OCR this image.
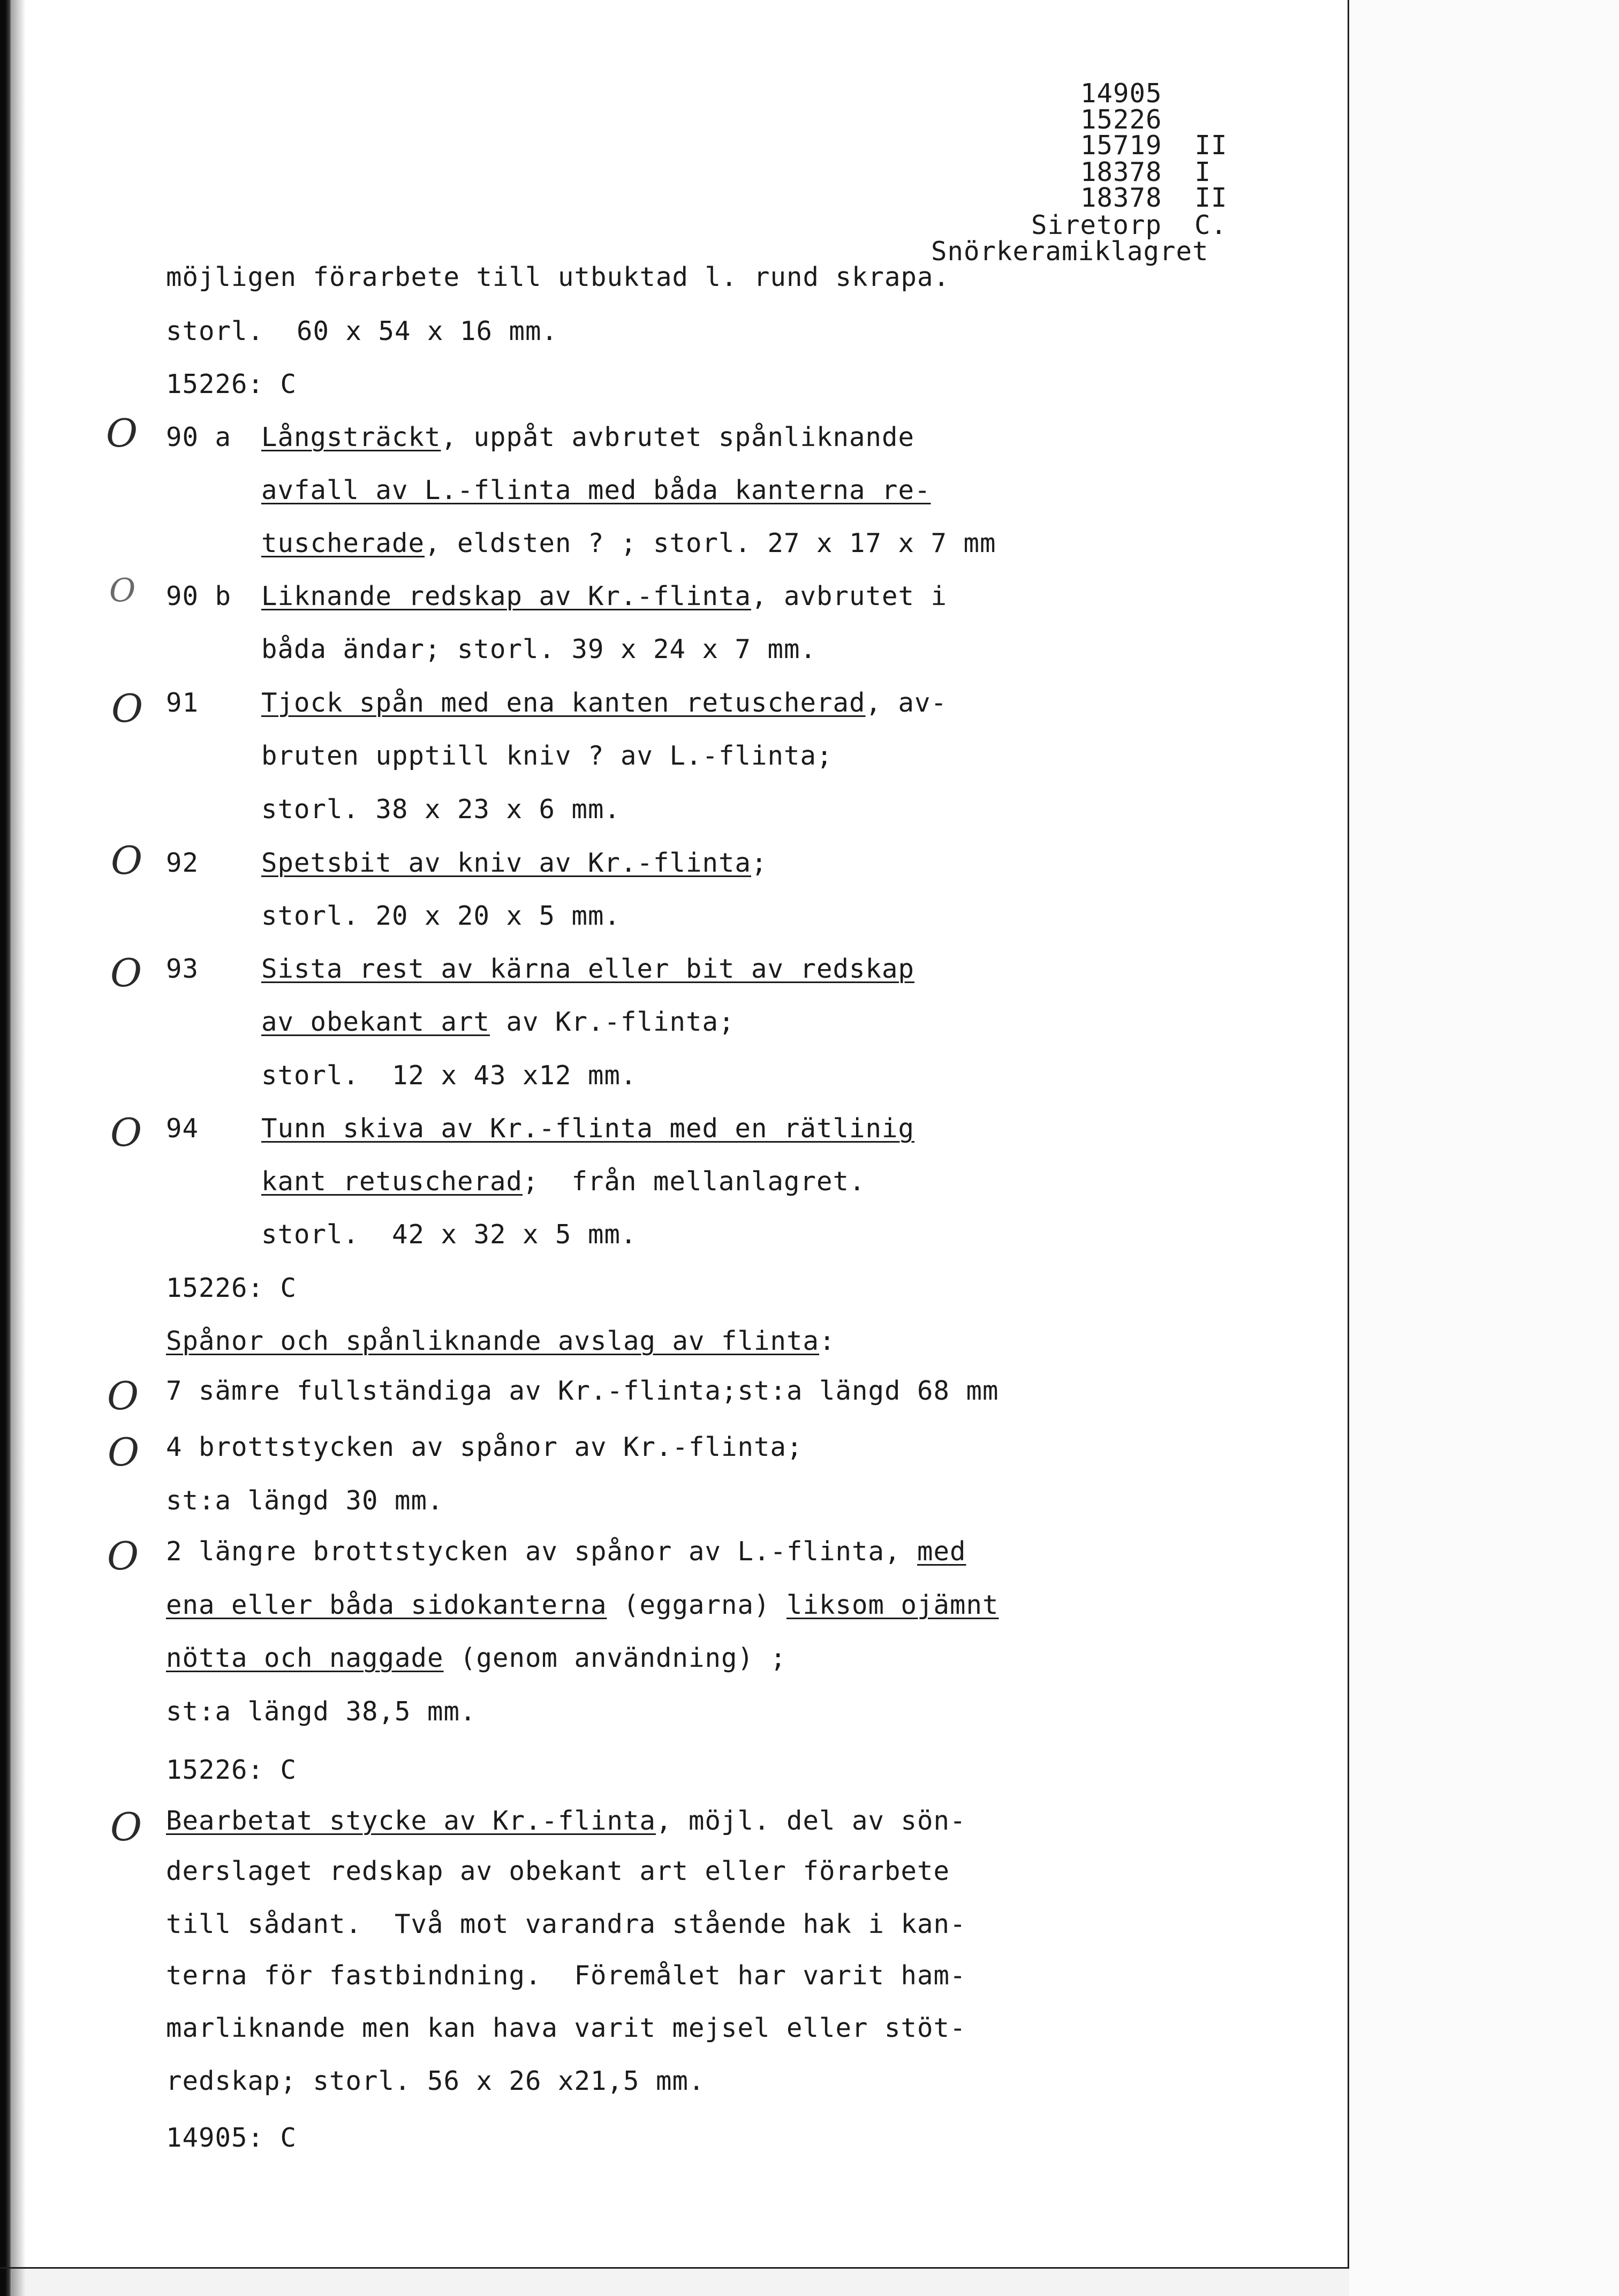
14905
15226
15719  II
18378  I
18378  II
Siretorp  C.
Snörkeramiklagret
O
O
O
O
O
O
O
O
O
O
möjligen förarbete till utbuktad l. rund skrapa.
storl.  60 x 54 x 16 mm.
15226: C
90 a Långsträckt, uppåt avbrutet spånliknande
avfall av L.-flinta med båda kanterna re-
tuscherade, eldsten ? ; storl. 27 x 17 x 7 mm
90 b Liknande redskap av Kr.-flinta, avbrutet i
båda ändar; storl. 39 x 24 x 7 mm.
91 Tjock spån med ena kanten retuscherad, av-
bruten upptill kniv ? av L.-flinta;
storl. 38 x 23 x 6 mm.
92 Spetsbit av kniv av Kr.-flinta;
storl. 20 x 20 x 5 mm.
93 Sista rest av kärna eller bit av redskap
av obekant art av Kr.-flinta;
storl.  12 x 43 x12 mm.
94 Tunn skiva av Kr.-flinta med en rätlinig
kant retuscherad;  från mellanlagret.
storl.  42 x 32 x 5 mm.
15226: C
Spånor och spånliknande avslag av flinta:
7 sämre fullständiga av Kr.-flinta;st:a längd 68 mm
4 brottstycken av spånor av Kr.-flinta;
st:a längd 30 mm.
2 längre brottstycken av spånor av L.-flinta, med
ena eller båda sidokanterna (eggarna) liksom ojämnt
nötta och naggade (genom användning) ;
st:a längd 38,5 mm.
15226: C
Bearbetat stycke av Kr.-flinta, möjl. del av sön-
derslaget redskap av obekant art eller förarbete
till sådant.  Två mot varandra stående hak i kan-
terna för fastbindning.  Föremålet har varit ham-
marliknande men kan hava varit mejsel eller stöt-
redskap; storl. 56 x 26 x21,5 mm.
14905: C
